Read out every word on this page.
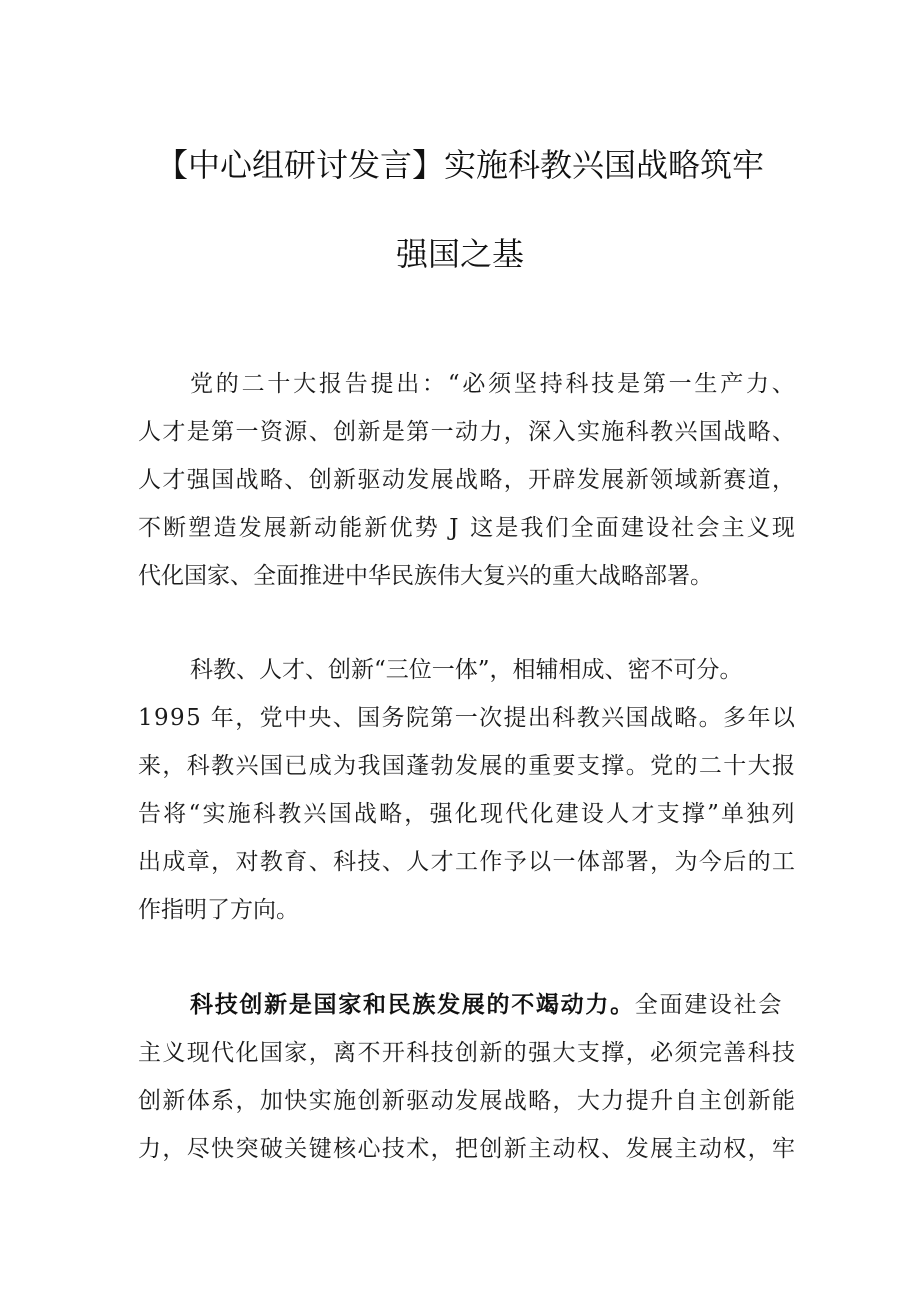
【中心组研讨发言】实施科教兴国战略筑牢
强国之基
党的二十大报告提出：“必须坚持科技是第一生产力、
人才是第一资源、创新是第一动力，深入实施科教兴国战略、
人才强国战略、创新驱动发展战略，开辟发展新领域新赛道，
不断塑造发展新动能新优势 J 这是我们全面建设社会主义现
代化国家、全面推进中华民族伟大复兴的重大战略部署。
科教、人才、创新“三位一体”，相辅相成、密不可分。
1995 年，党中央、国务院第一次提出科教兴国战略。多年以
来，科教兴国已成为我国蓬勃发展的重要支撑。党的二十大报
告将“实施科教兴国战略，强化现代化建设人才支撑”单独列
出成章，对教育、科技、人才工作予以一体部署，为今后的工
作指明了方向。
科技创新是国家和民族发展的不竭动力。全面建设社会
主义现代化国家，离不开科技创新的强大支撑，必须完善科技
创新体系，加快实施创新驱动发展战略，大力提升自主创新能
力，尽快突破关键核心技术，把创新主动权、发展主动权，牢
